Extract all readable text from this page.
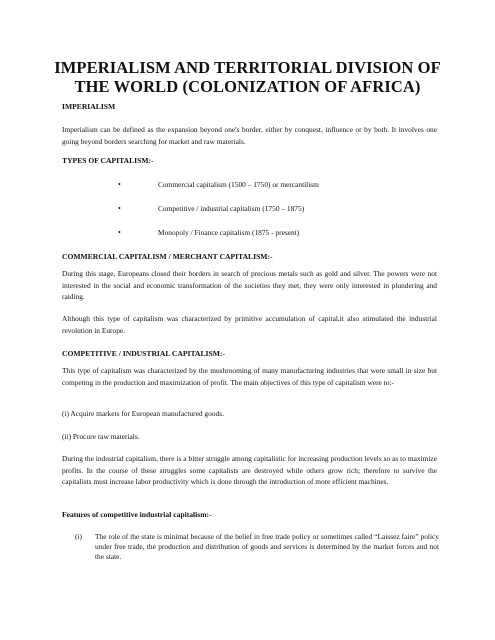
IMPERIALISM AND TERRITORIAL DIVISION OF THE WORLD (COLONIZATION OF AFRICA)
IMPERIALISM
Imperialism can be defined as the expansion beyond one's border, either by conquest, influence or by both. It involves one going beyond borders searching for market and raw materials.
TYPES OF CAPITALISM:-
•	Commercial capitalism (1500 – 1750) or mercantilism
•	Competitive / industrial capitalism (1750 – 1875)
•	Monopoly / Finance capitalism (1875 - present)
COMMERCIAL CAPITALISM / MERCHANT CAPITALISM:-
During this stage, Europeans closed their borders in search of precious metals such as gold and silver. The powers were not interested in the social and economic transformation of the societies they met, they were only interested in plundering and raiding.
Although this type of capitalism was characterized by primitive accumulation of capital,it also stimulated the industrial revolution in Europe.
COMPETITIVE / INDUSTRIAL CAPITALISM:-
This type of capitalism was characterized by the mushrooming of many manufacturing industries that were small in size but competing in the production and maximization of profit. The main objectives of this type of capitalism were to:-
(i) Acquire markets for European manufactured goods.
(ii) Procure raw materials.
During the industrial capitalism, there is a bitter struggle among capitalistic for increasing production levels so as to maximize profits. In the course of these struggles some capitalists are destroyed while others grow rich; therefore to survive the capitalists must increase labor productivity which is done through the introduction of more efficient machines.
Features of competitive industrial capitalism:-
(i) The role of the state is minimal because of the belief in free trade policy or sometimes called “Laissez faire” policy under free trade, the production and distribution of goods and services is determined by the market forces and not the state.
